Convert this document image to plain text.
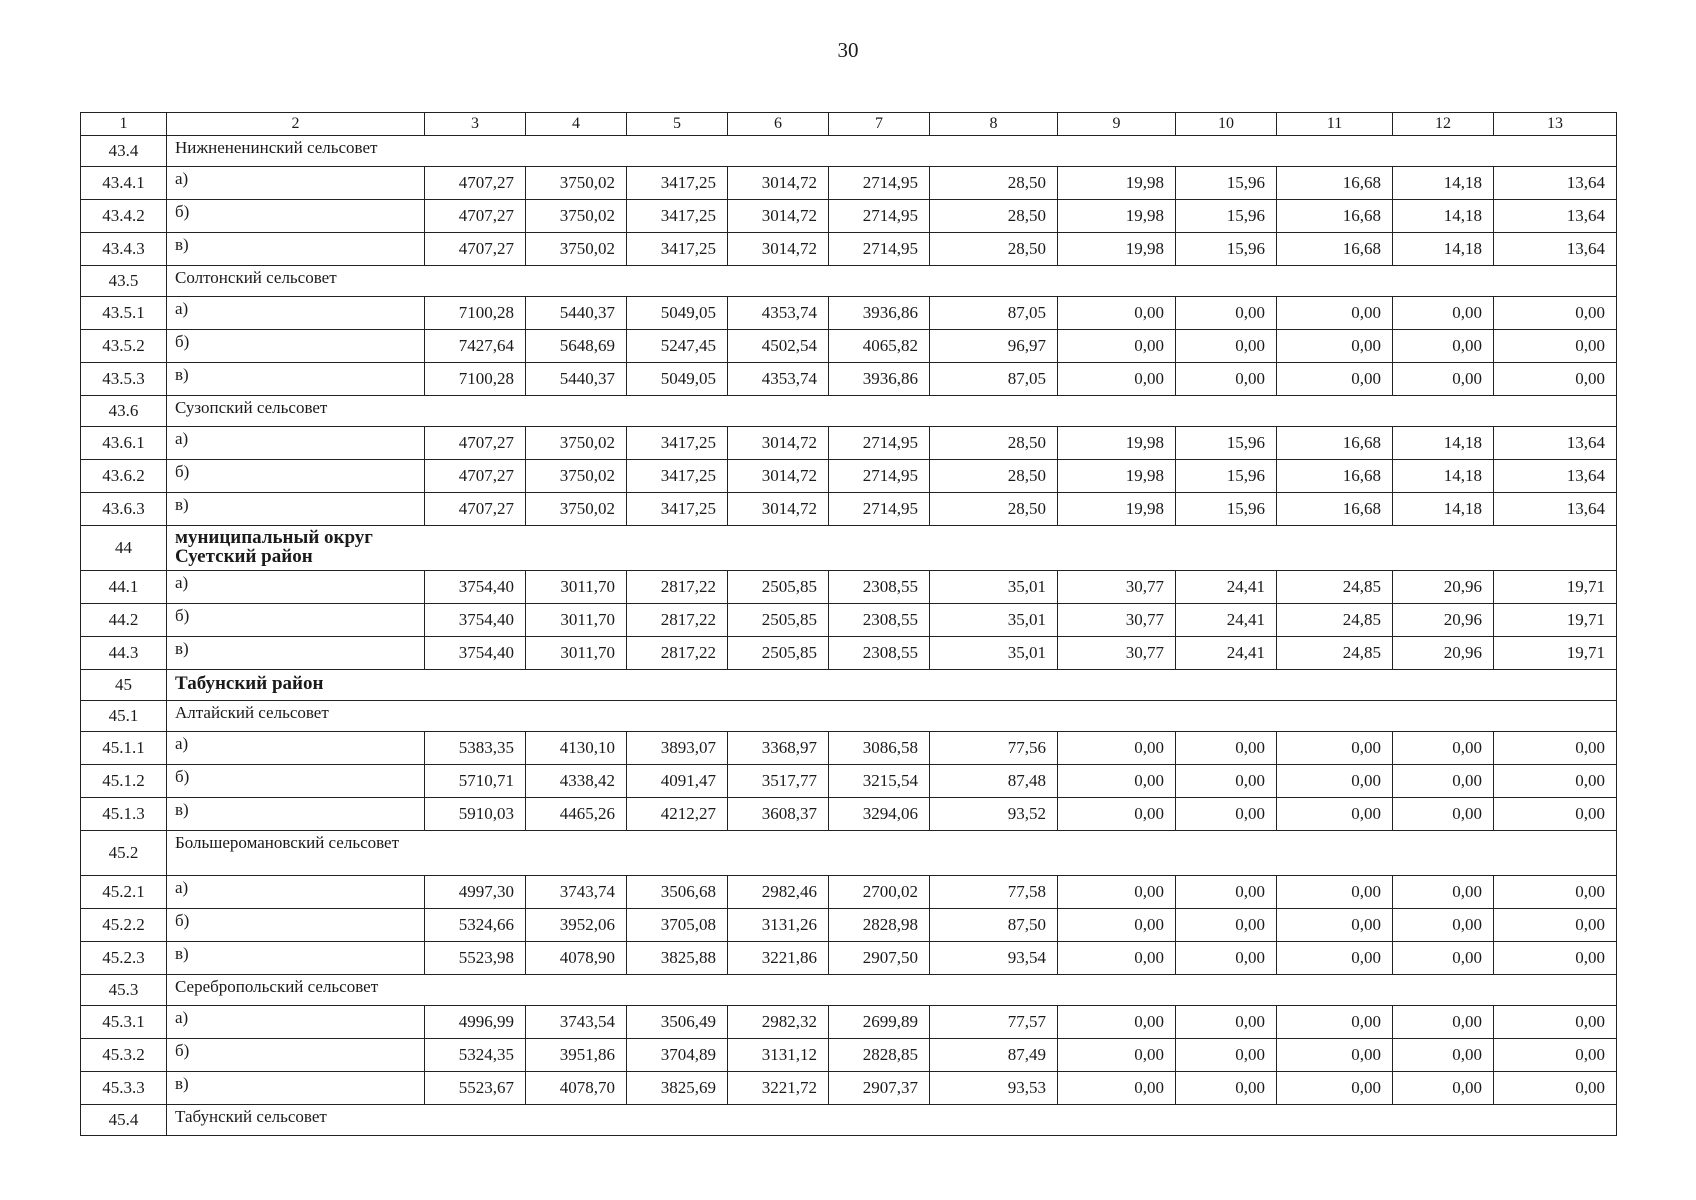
30
1	2	3	4	5	6	7	8	9	10	11	12	13
43.4	Нижнененинский сельсовет											
43.4.1	а)	4707,27	3750,02	3417,25	3014,72	2714,95	28,50	19,98	15,96	16,68	14,18	13,64
43.4.2	б)	4707,27	3750,02	3417,25	3014,72	2714,95	28,50	19,98	15,96	16,68	14,18	13,64
43.4.3	в)	4707,27	3750,02	3417,25	3014,72	2714,95	28,50	19,98	15,96	16,68	14,18	13,64
43.5	Солтонский сельсовет											
43.5.1	а)	7100,28	5440,37	5049,05	4353,74	3936,86	87,05	0,00	0,00	0,00	0,00	0,00
43.5.2	б)	7427,64	5648,69	5247,45	4502,54	4065,82	96,97	0,00	0,00	0,00	0,00	0,00
43.5.3	в)	7100,28	5440,37	5049,05	4353,74	3936,86	87,05	0,00	0,00	0,00	0,00	0,00
43.6	Сузопский сельсовет											
43.6.1	а)	4707,27	3750,02	3417,25	3014,72	2714,95	28,50	19,98	15,96	16,68	14,18	13,64
43.6.2	б)	4707,27	3750,02	3417,25	3014,72	2714,95	28,50	19,98	15,96	16,68	14,18	13,64
43.6.3	в)	4707,27	3750,02	3417,25	3014,72	2714,95	28,50	19,98	15,96	16,68	14,18	13,64
44	муниципальный округ Суетский район											

44.1	а)	3754,40	3011,70	2817,22	2505,85	2308,55	35,01	30,77	24,41	24,85	20,96	19,71
44.2	б)	3754,40	3011,70	2817,22	2505,85	2308,55	35,01	30,77	24,41	24,85	20,96	19,71
44.3	в)	3754,40	3011,70	2817,22	2505,85	2308,55	35,01	30,77	24,41	24,85	20,96	19,71
45	Табунский район											
45.1	Алтайский сельсовет											
45.1.1	а)	5383,35	4130,10	3893,07	3368,97	3086,58	77,56	0,00	0,00	0,00	0,00	0,00
45.1.2	б)	5710,71	4338,42	4091,47	3517,77	3215,54	87,48	0,00	0,00	0,00	0,00	0,00
45.1.3	в)	5910,03	4465,26	4212,27	3608,37	3294,06	93,52	0,00	0,00	0,00	0,00	0,00
45.2	Большеромановский сельсовет											

45.2.1	а)	4997,30	3743,74	3506,68	2982,46	2700,02	77,58	0,00	0,00	0,00	0,00	0,00
45.2.2	б)	5324,66	3952,06	3705,08	3131,26	2828,98	87,50	0,00	0,00	0,00	0,00	0,00
45.2.3	в)	5523,98	4078,90	3825,88	3221,86	2907,50	93,54	0,00	0,00	0,00	0,00	0,00
45.3	Серебропольский сельсовет											
45.3.1	а)	4996,99	3743,54	3506,49	2982,32	2699,89	77,57	0,00	0,00	0,00	0,00	0,00
45.3.2	б)	5324,35	3951,86	3704,89	3131,12	2828,85	87,49	0,00	0,00	0,00	0,00	0,00
45.3.3	в)	5523,67	4078,70	3825,69	3221,72	2907,37	93,53	0,00	0,00	0,00	0,00	0,00
45.4	Табунский сельсовет											
